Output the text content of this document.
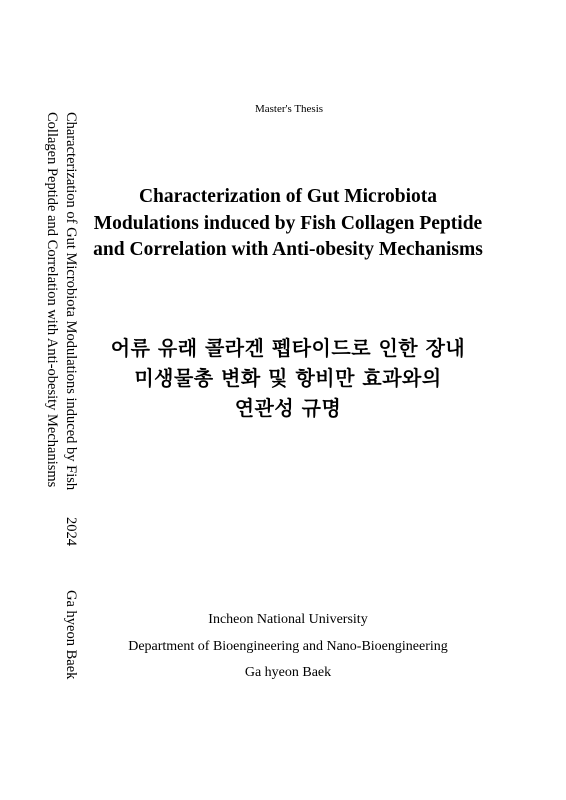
Characterization of Gut Microbiota Modulations induced by Fish
Collagen Peptide and Correlation with Anti-obesity Mechanisms
2024
Ga hyeon Baek
Master's Thesis
Characterization of Gut Microbiota Modulations induced by Fish Collagen Peptide and Correlation with Anti-obesity Mechanisms
어류 유래 콜라겐 펩타이드로 인한 장내
미생물총 변화 및 항비만 효과와의
연관성 규명
Incheon National University
Department of Bioengineering and Nano-Bioengineering
Ga hyeon Baek
